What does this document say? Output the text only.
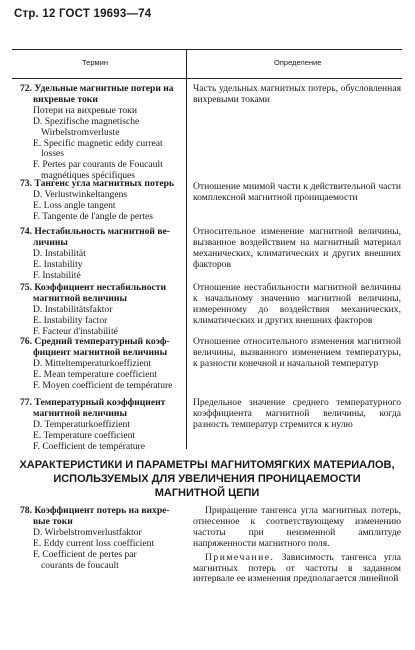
Стр. 12 ГОСТ 19693—74
Термин	Определение
72. Удельные магнитные потери на
вихревые токи
Потери на вихревые токи
D. Spezifische magnetische
Wirbelstromverluste
E. Specific magnetic eddy curreat
losses
F. Pertes par courants de Foucault
magnétiques spécifiques
Часть удельных магнитных потерь, обусловленная вихревыми токами
73. Тангенс угла магнитных потерь
D. Verlustwinkeltangens
E. Loss angle tangent
F. Tangente de l'angle de pertes
Отношение мнимой части к действительной части комплексной магнитной проницаемости
74. Нестабильность магнитной ве-
личины
D. Instabilität
E. Instability
F. Instabilité
Относительное изменение магнитной величины, вызванное воздействием на магнитный материал механических, климатических и других внешних факторов
75. Коэффициент нестабильности
магнитной величины
D. Instabilitätsfaktor
E. Instability factor
F. Facteur d'instabilité
Отношение нестабильности магнитной величины к начальному значению магнитной величины, измеренному до воздействия механических, климатических и других внешних факторов
76. Средний температурный коэф-
фициент магнитной величины
D. Mitteltemperaturkoeffizient
E. Mean temperature coefficient
F. Moyen coefficient de température
Отношение относительного изменения магнитной величины, вызванного изменением температуры, к разности конечной и начальной температур
77. Температурный коэффициент
магнитной величины
D. Temperaturkoeffizient
E. Temperature coefficient
F. Coefficient de température
Предельное значение среднего температурного коэффициента магнитной величины, когда разность температур стремится к нулю
ХАРАКТЕРИСТИКИ И ПАРАМЕТРЫ МАГНИТОМЯГКИХ МАТЕРИАЛОВ,
ИСПОЛЬЗУЕМЫХ ДЛЯ УВЕЛИЧЕНИЯ ПРОНИЦАЕМОСТИ
МАГНИТНОЙ ЦЕПИ
78. Коэффициент потерь на вихре-
вые токи
D. Wirbelstromverlustfaktor
E. Eddy current loss coefficient
F. Coefficient de pertes par
courants de foucault
Приращение тангенса угла магнитных потерь, отнесенное к соответствующему изменению частоты при неизменной амплитуде напряженности магнитного поля.
Примечание. Зависимость тангенса угла магнитных потерь от частоты в заданном интервале ее изменения предполагается линейной
